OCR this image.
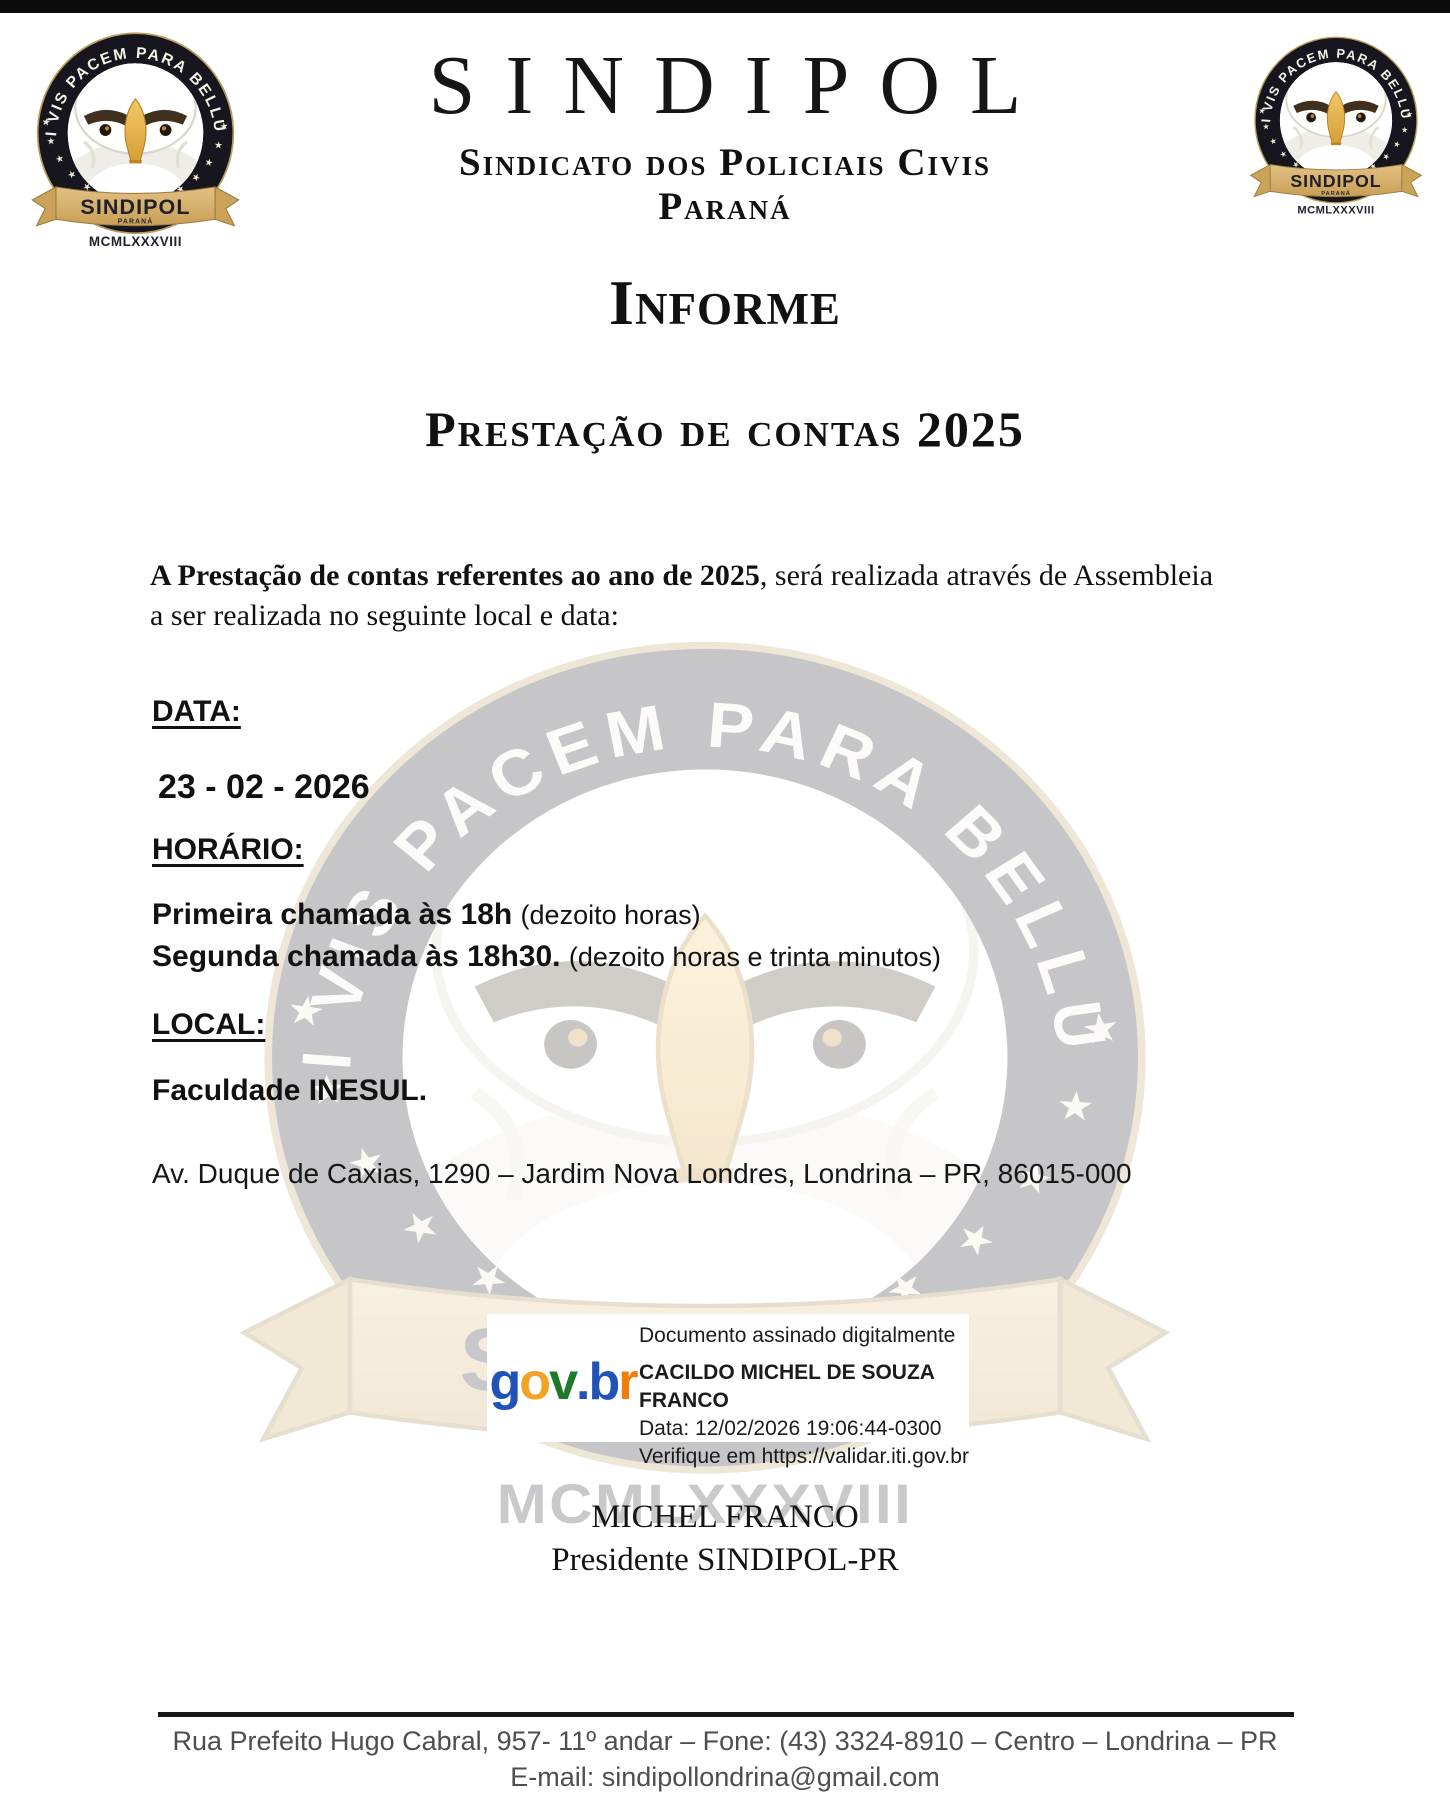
SINDIPOL
Sindicato dos Policiais Civis
Paraná
Informe
Prestação de contas 2025
A Prestação de contas referentes ao ano de 2025, será realizada através de Assembleia
a ser realizada no seguinte local e data:
DATA:
23 - 02 - 2026
HORÁRIO:
Primeira chamada às 18h (dezoito horas)
Segunda chamada às 18h30. (dezoito horas e trinta minutos)
LOCAL:
Faculdade INESUL.
Av. Duque de Caxias, 1290 – Jardim Nova Londres, Londrina – PR, 86015-000
g o v . b r
Documento assinado digitalmente
CACILDO MICHEL DE SOUZA FRANCO
Data: 12/02/2026 19:06:44-0300
Verifique em https://validar.iti.gov.br
MICHEL FRANCO
Presidente SINDIPOL-PR
Rua Prefeito Hugo Cabral, 957- 11º andar – Fone: (43) 3324-8910 – Centro – Londrina – PR
E-mail: sindipollondrina@gmail.com
